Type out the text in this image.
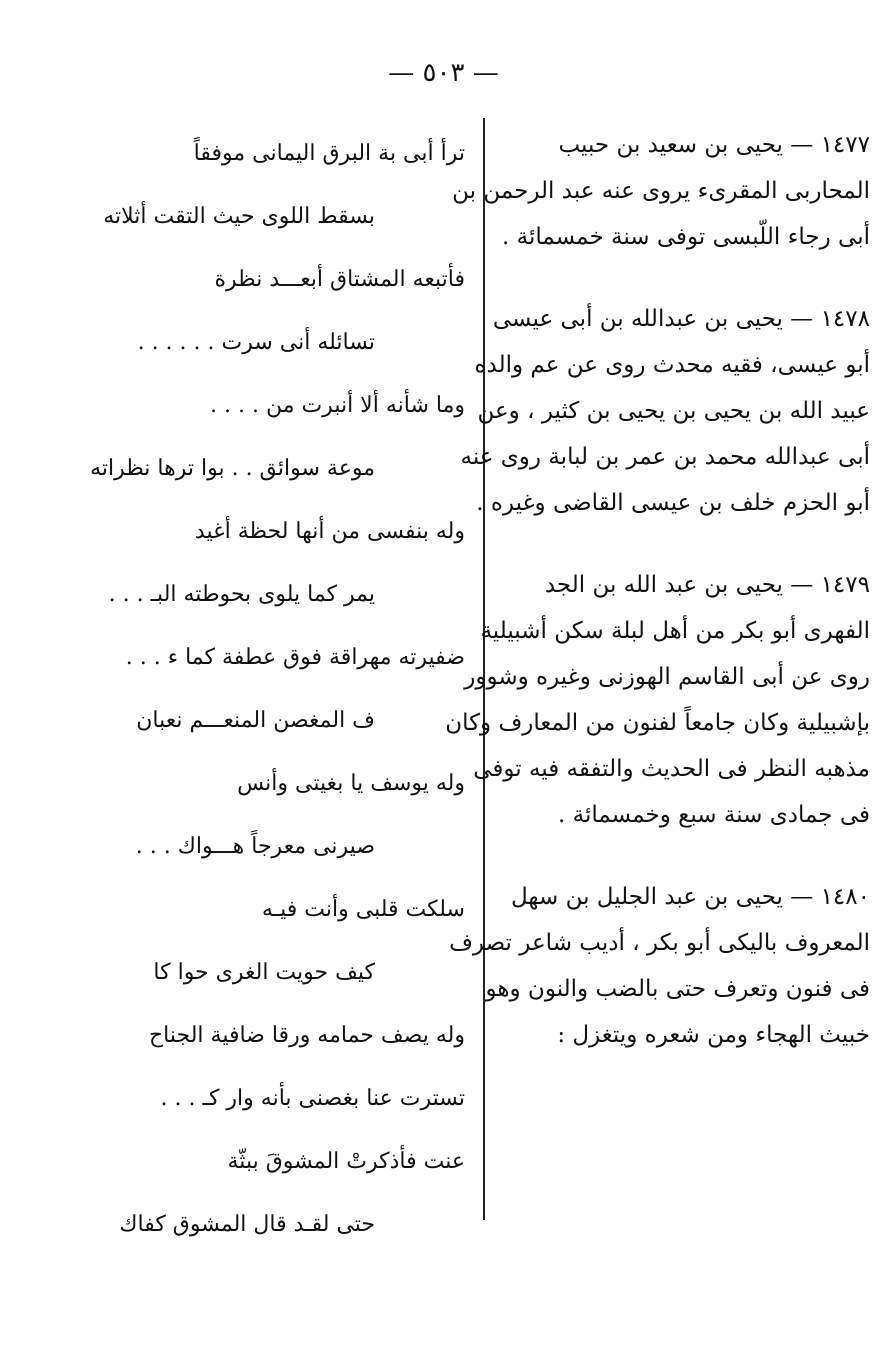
— ٥٠٣ —
١٤٧٧ — يحيى بن سعيد بن حبيب
المحاربى المقرىء يروى عنه عبد الرحمن بن
أبى رجاء اللّبسى توفى سنة خمسمائة .
١٤٧٨ — يحيى بن عبدالله بن أبى عيسى
أبو عيسى، فقيه محدث روى عن عم والده
عبيد الله بن يحيى بن يحيى بن كثير ، وعن
أبى عبدالله محمد بن عمر بن لبابة روى عنه
أبو الحزم خلف بن عيسى القاضى وغيره .
١٤٧٩ — يحيى بن عبد الله بن الجد
الفهرى أبو بكر من أهل لبلة سكن أشبيلية
روى عن أبى القاسم الهوزنى وغيره وشوور
بإشبيلية وكان جامعاً لفنون من المعارف وكان
مذهبه النظر فى الحديث والتفقه فيه توفى
فى جمادى سنة سبع وخمسمائة .
١٤٨٠ — يحيى بن عبد الجليل بن سهل
المعروف باليكى أبو بكر ، أديب شاعر تصرف
فى فنون وتعرف حتى بالضب والنون وهو
خبيث الهجاء ومن شعره ويتغزل :
ترأ أبى بة البرق اليمانى موفقاً
بسقط اللوى حيث التقت أثلاته
فأتبعه المشتاق أبعـــد نظرة
تسائله أنى سرت . . . . . .
وما شأنه ألا أنبرت من . . . .
موعة سوائق . . بوا ترها نظراته
وله بنفسى من أنها لحظة أغيد
يمر كما يلوى بحوطته البـ . . .
ضفيرته مهراقة فوق عطفة كما ء . . .
ف المغصن المنعـــم نعبان
وله يوسف يا بغيتى وأنس
صيرنى معرجاً هـــواك . . .
سلكت قلبى وأنت فيـه
كيف حويت الغرى حوا كا
وله يصف حمامه ورقا ضافية الجناح
تسترت عنا بغصنى بأنه وار كـ . . .
عنت فأذكرتْ المشوقَ ببثّة
حتى لقـد قال المشوق كفاك
